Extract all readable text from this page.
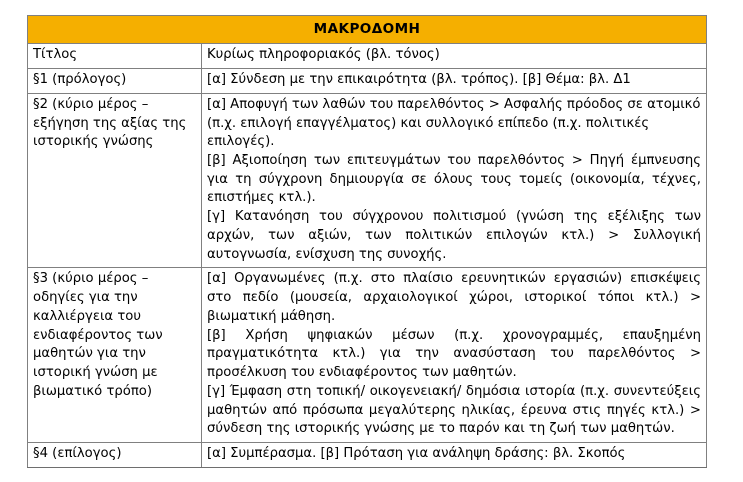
ΜΑΚΡΟΔΟΜΗ	
Τίτλος	Κυρίως πληροφοριακός (βλ. τόνος)

§1 (πρόλογος)	[α] Σύνδεση με την επικαιρότητα (βλ. τρόπος). [β] Θέμα: βλ. Δ1

§2 (κύριο μέρος – εξήγηση της αξίας της ιστορικής γνώσης	[α] Αποφυγή των λαθών του παρελθόντος > Ασφαλής πρόοδος σε ατομικό (π.χ. επιλογή επαγγέλματος) και συλλογικό επίπεδο (π.χ. πολιτικές επιλογές).

[β] Αξιοποίηση των επιτευγμάτων του παρελθόντος > Πηγή έμπνευσης για τη σύγχρονη δημιουργία σε όλους τους τομείς (οικονομία, τέχνες, επιστήμες κτλ.).

[γ] Κατανόηση του σύγχρονου πολιτισμού (γνώση της εξέλιξης των αρχών, των αξιών, των πολιτικών επιλογών κτλ.) > Συλλογική αυτογνωσία, ενίσχυση της συνοχής.

§3 (κύριο μέρος – οδηγίες για την καλλιέργεια του ενδιαφέροντος των μαθητών για την ιστορική γνώση με βιωματικό τρόπο)	[α] Οργανωμένες (π.χ. στο πλαίσιο ερευνητικών εργασιών) επισκέψεις στο πεδίο (μουσεία, αρχαιολογικοί χώροι, ιστορικοί τόποι κτλ.) > βιωματική μάθηση.

[β] Χρήση ψηφιακών μέσων (π.χ. χρονογραμμές, επαυξημένη πραγματικότητα κτλ.) για την ανασύσταση του παρελθόντος > προσέλκυση του ενδιαφέροντος των μαθητών.

[γ] Έμφαση στη τοπική/ οικογενειακή/ δημόσια ιστορία (π.χ. συνεντεύξεις μαθητών από πρόσωπα μεγαλύτερης ηλικίας, έρευνα στις πηγές κτλ.) > σύνδεση της ιστορικής γνώσης με το παρόν και τη ζωή των μαθητών.

§4 (επίλογος)	[α] Συμπέρασμα. [β] Πρόταση για ανάληψη δράσης: βλ. Σκοπός
